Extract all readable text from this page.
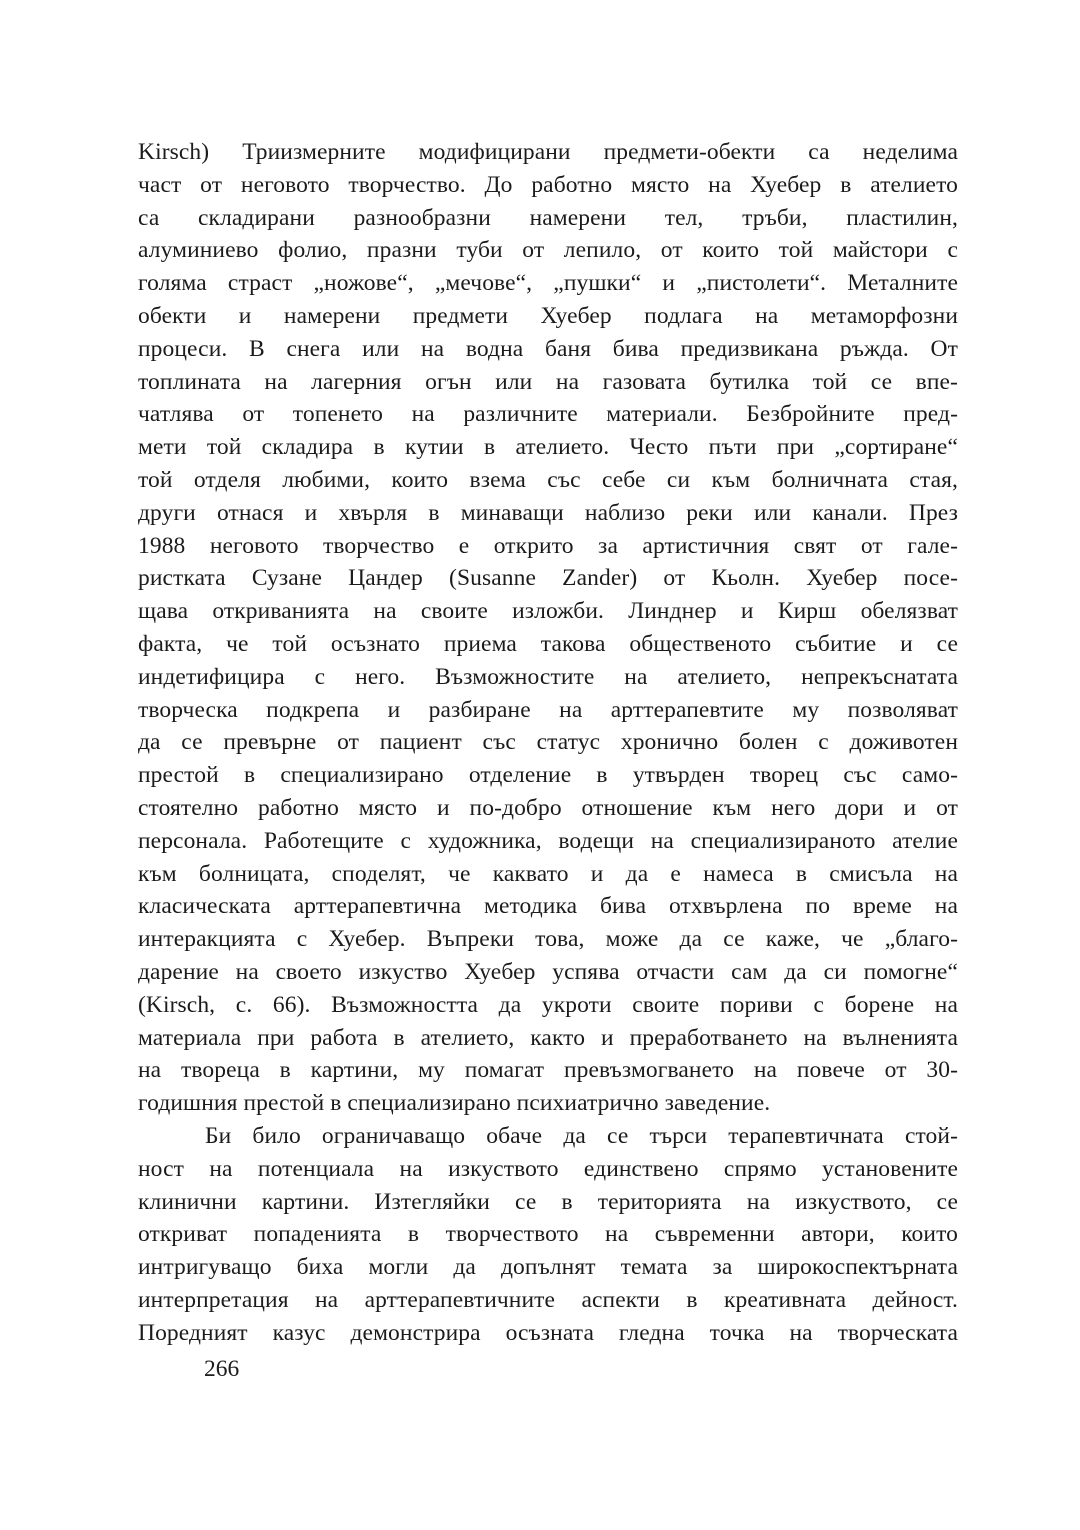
Kirsch) Триизмерните модифицирани предмети-обекти са неделима
част от неговото творчество. До работно място на Хуебер в ателието
са складирани разнообразни намерени тел, тръби, пластилин,
алуминиево фолио, празни туби от лепило, от които той майстори с
голяма страст „ножове“, „мечове“, „пушки“ и „пистолети“. Металните
обекти и намерени предмети Хуебер подлага на метаморфозни
процеси. В снега или на водна баня бива предизвикана ръжда. От
топлината на лагерния огън или на газовата бутилка той се впе-
чатлява от топенето на различните материали. Безбройните пред-
мети той складира в кутии в ателието. Често пъти при „сортиране“
той отделя любими, които взема със себе си към болничната стая,
други отнася и хвърля в минаващи наблизо реки или канали. През
1988 неговото творчество е открито за артистичния свят от гале-
ристката Сузане Цандер (Susanne Zander) от Кьолн. Хуебер посе-
щава откриванията на своите изложби. Линднер и Кирш обелязват
факта, че той осъзнато приема такова общественото събитие и се
индетифицира с него. Възможностите на ателието, непрекъснатата
творческа подкрепа и разбиране на арттерапевтите му позволяват
да се превърне от пациент със статус хронично болен с доживотен
престой в специализирано отделение в утвърден творец със само-
стоятелно работно място и по-добро отношение към него дори и от
персонала. Работещите с художника, водещи на специализираното ателие
към болницата, споделят, че каквато и да е намеса в смисъла на
класическата арттерапевтична методика бива отхвърлена по време на
интеракцията с Хуебер. Въпреки това, може да се каже, че „благо-
дарение на своето изкуство Хуебер успява отчасти сам да си помогне“
(Kirsch, с. 66). Възможността да укроти своите пориви с борене на
материала при работа в ателието, както и преработването на вълненията
на твореца в картини, му помагат превъзмогването на повече от 30-
годишния престой в специализирано психиатрично заведение.
Би било ограничаващо обаче да се търси терапевтичната стой-
ност на потенциала на изкуството единствено спрямо установените
клинични картини. Изтегляйки се в територията на изкуството, се
откриват попаденията в творчеството на съвременни автори, които
интригуващо биха могли да допълнят темата за широкоспектърната
интерпретация на арттерапевтичните аспекти в креативната дейност.
Поредният казус демонстрира осъзната гледна точка на творческата
266
